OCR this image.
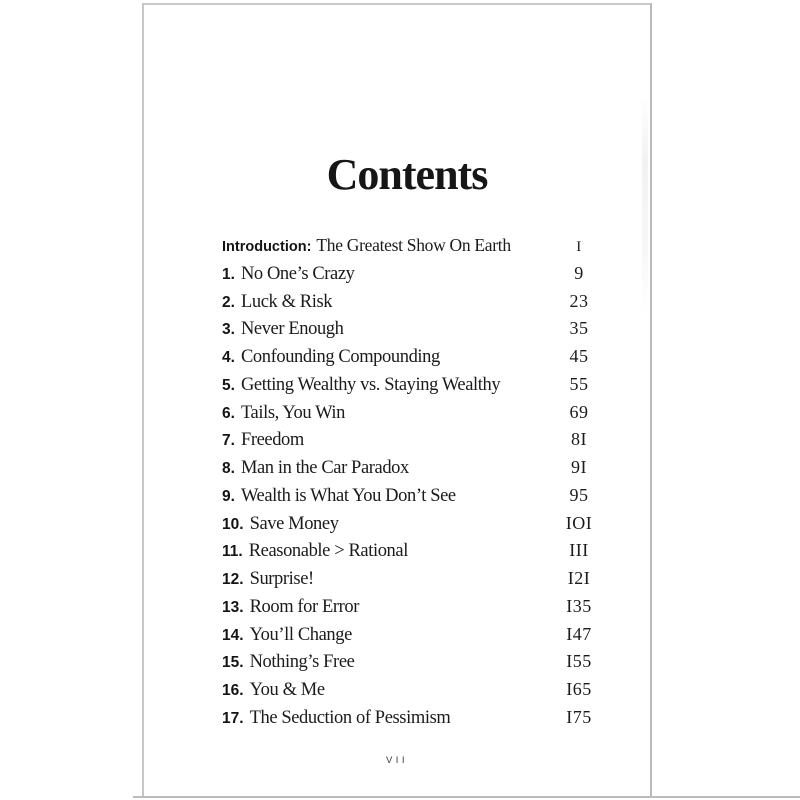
Contents
Introduction: The Greatest Show On Earth	I
1. No One’s Crazy	9
2. Luck & Risk	23
3. Never Enough	35
4. Confounding Compounding	45
5. Getting Wealthy vs. Staying Wealthy	55
6. Tails, You Win	69
7. Freedom	8I
8. Man in the Car Paradox	9I
9. Wealth is What You Don’t See	95
10. Save Money	IOI
11. Reasonable > Rational	III
12. Surprise!	I2I
13. Room for Error	I35
14. You’ll Change	I47
15. Nothing’s Free	I55
16. You & Me	I65
17. The Seduction of Pessimism	I75
VII
